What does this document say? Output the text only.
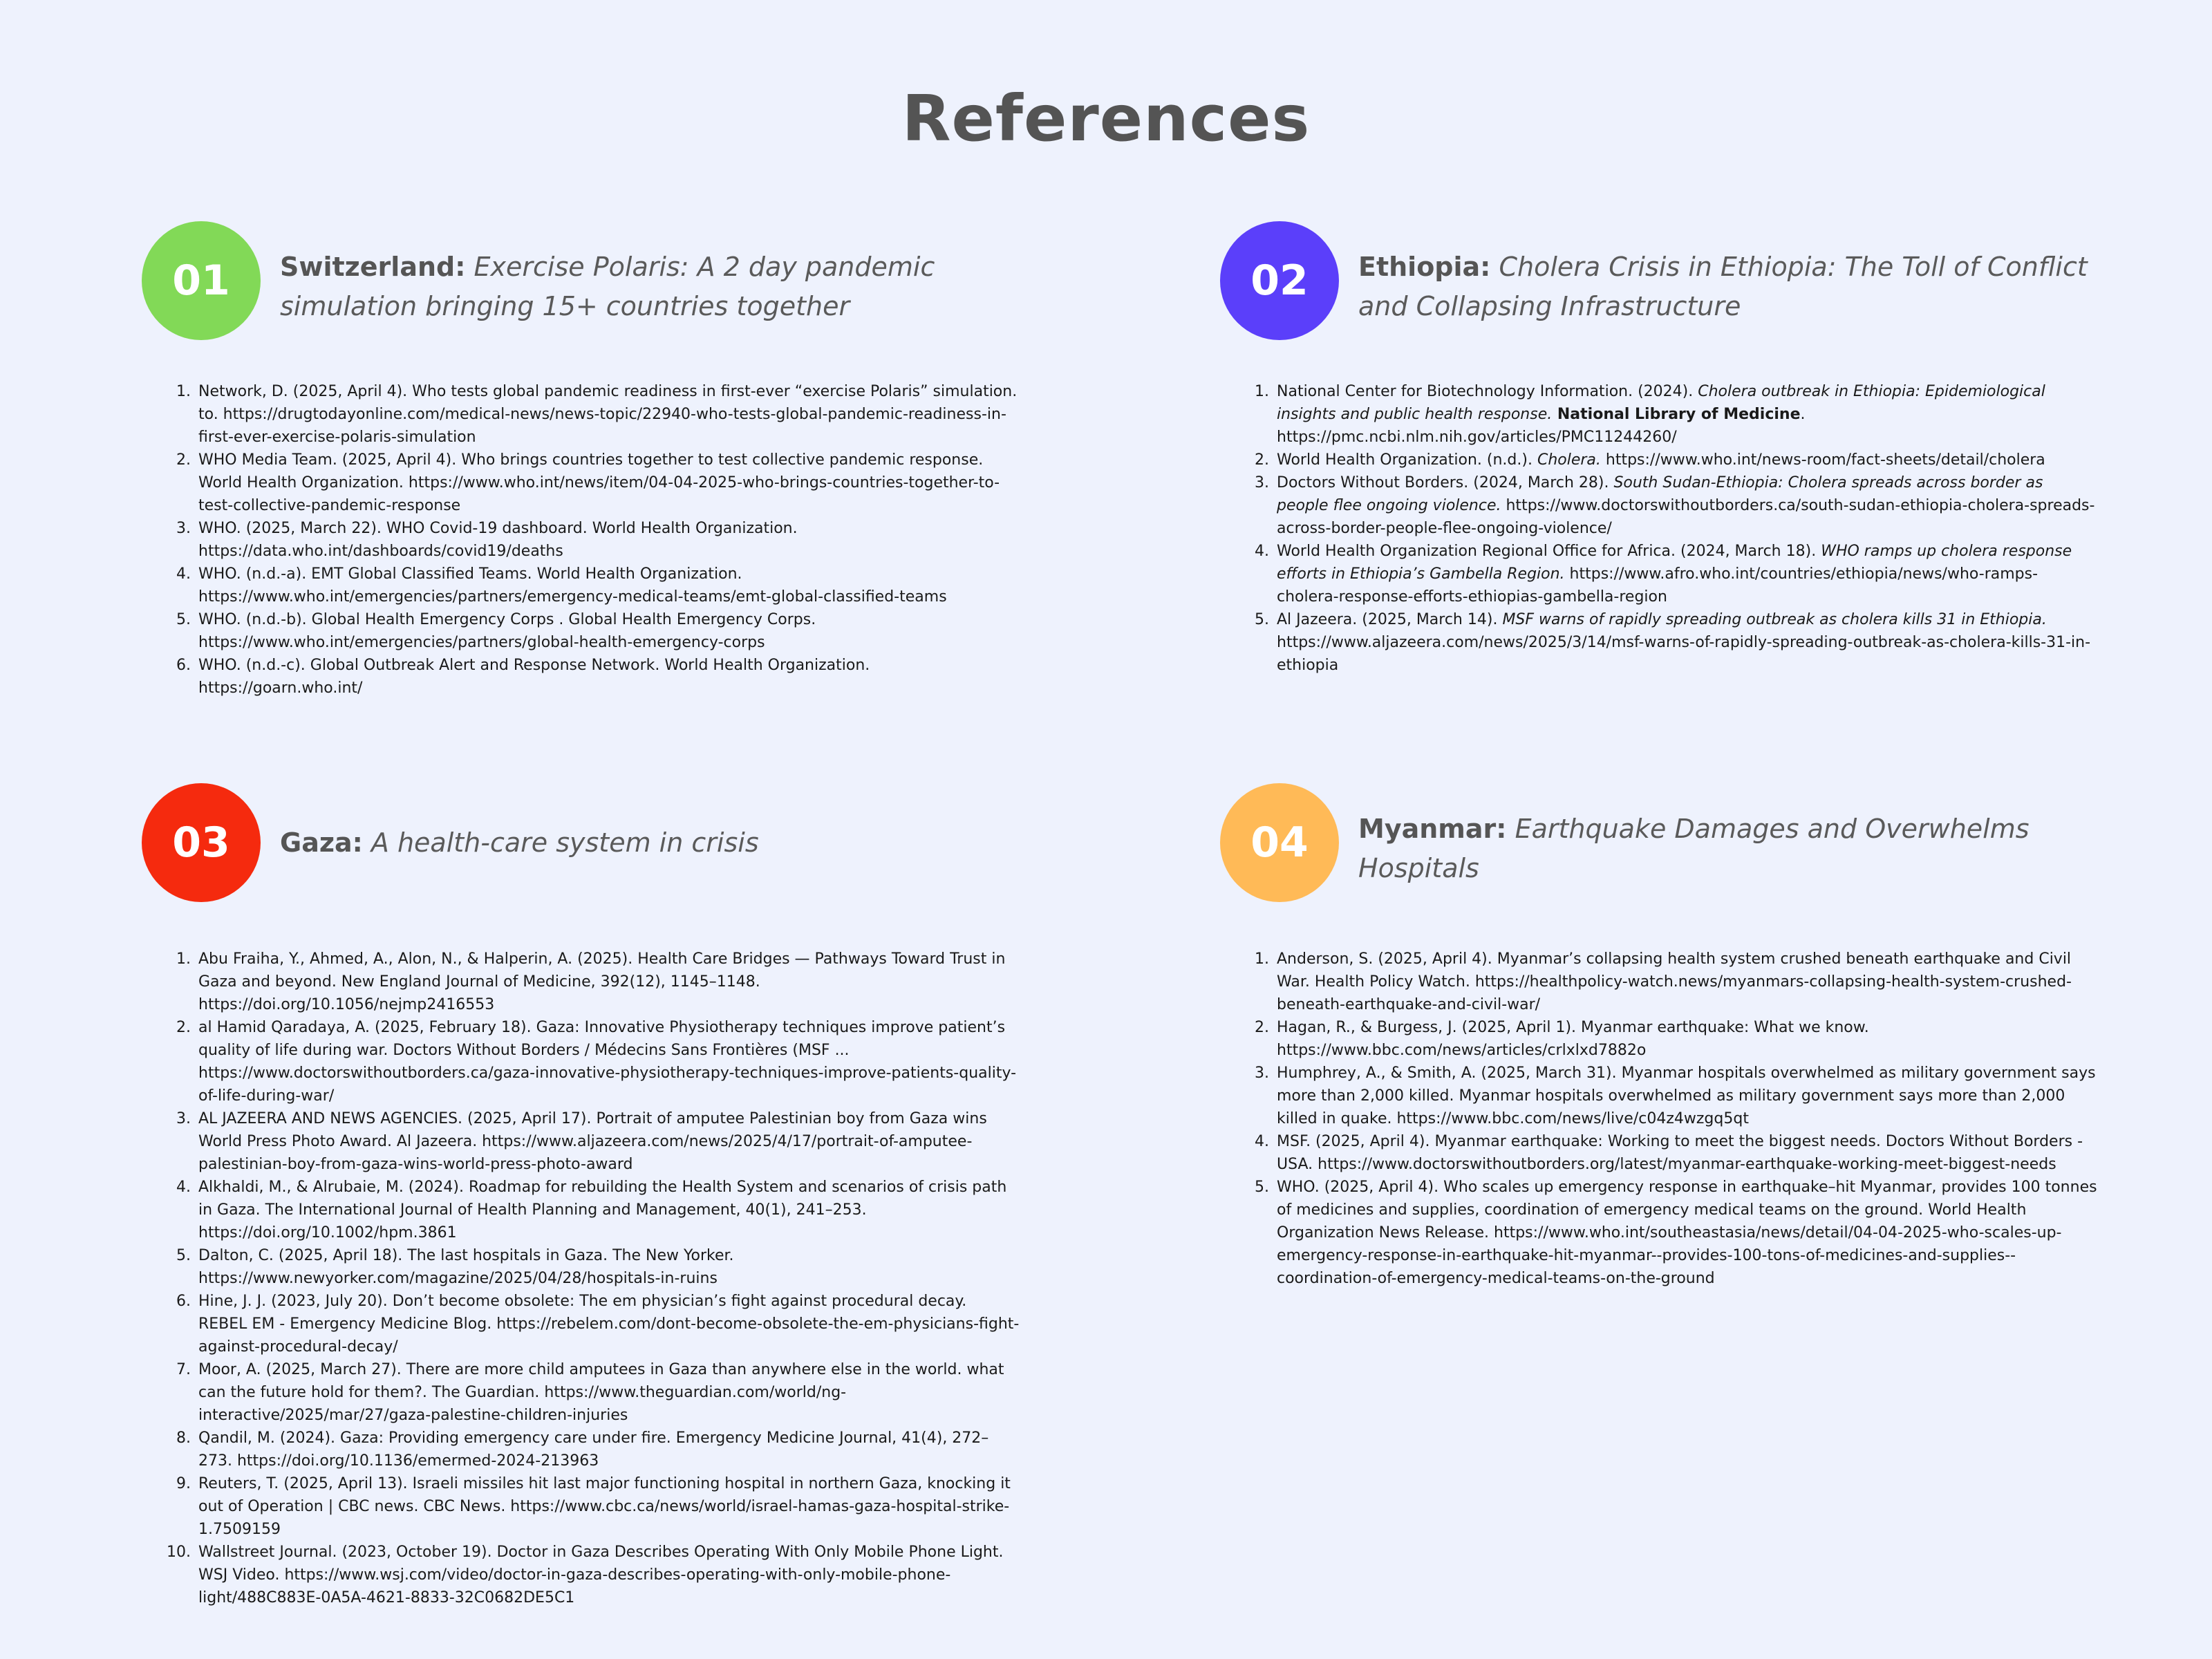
References
01	Switzerland: Exercise Polaris: A 2 day pandemic simulation bringing 15+ countries together
1. Network, D. (2025, April 4). Who tests global pandemic readiness in first-ever “exercise Polaris” simulation. to. https://drugtodayonline.com/medical-news/news-topic/22940-who-tests-global-pandemic-readiness-in-first-ever-exercise-polaris-simulation
2. WHO Media Team. (2025, April 4). Who brings countries together to test collective pandemic response. World Health Organization. https://www.who.int/news/item/04-04-2025-who-brings-countries-together-to-test-collective-pandemic-response
3. WHO. (2025, March 22). WHO Covid-19 dashboard. World Health Organization. https://data.who.int/dashboards/covid19/deaths
4. WHO. (n.d.-a). EMT Global Classified Teams. World Health Organization. https://www.who.int/emergencies/partners/emergency-medical-teams/emt-global-classified-teams
5. WHO. (n.d.-b). Global Health Emergency Corps . Global Health Emergency Corps. https://www.who.int/emergencies/partners/global-health-emergency-corps
6. WHO. (n.d.-c). Global Outbreak Alert and Response Network. World Health Organization. https://goarn.who.int/
02	Ethiopia: Cholera Crisis in Ethiopia: The Toll of Conflict and Collapsing Infrastructure
1. National Center for Biotechnology Information. (2024). Cholera outbreak in Ethiopia: Epidemiological insights and public health response. National Library of Medicine. https://pmc.ncbi.nlm.nih.gov/articles/PMC11244260/
2. World Health Organization. (n.d.). Cholera. https://www.who.int/news-room/fact-sheets/detail/cholera
3. Doctors Without Borders. (2024, March 28). South Sudan-Ethiopia: Cholera spreads across border as people flee ongoing violence. https://www.doctorswithoutborders.ca/south-sudan-ethiopia-cholera-spreads-across-border-people-flee-ongoing-violence/
4. World Health Organization Regional Office for Africa. (2024, March 18). WHO ramps up cholera response efforts in Ethiopia’s Gambella Region. https://www.afro.who.int/countries/ethiopia/news/who-ramps-cholera-response-efforts-ethiopias-gambella-region
5. Al Jazeera. (2025, March 14). MSF warns of rapidly spreading outbreak as cholera kills 31 in Ethiopia. https://www.aljazeera.com/news/2025/3/14/msf-warns-of-rapidly-spreading-outbreak-as-cholera-kills-31-in-ethiopia
03	Gaza: A health-care system in crisis
1. Abu Fraiha, Y., Ahmed, A., Alon, N., & Halperin, A. (2025). Health Care Bridges — Pathways Toward Trust in Gaza and beyond. New England Journal of Medicine, 392(12), 1145–1148. https://doi.org/10.1056/nejmp2416553
2. al Hamid Qaradaya, A. (2025, February 18). Gaza: Innovative Physiotherapy techniques improve patient’s quality of life during war. Doctors Without Borders / Médecins Sans Frontières (MSF ... https://www.doctorswithoutborders.ca/gaza-innovative-physiotherapy-techniques-improve-patients-quality-of-life-during-war/
3. AL JAZEERA AND NEWS AGENCIES. (2025, April 17). Portrait of amputee Palestinian boy from Gaza wins World Press Photo Award. Al Jazeera. https://www.aljazeera.com/news/2025/4/17/portrait-of-amputee-palestinian-boy-from-gaza-wins-world-press-photo-award
4. Alkhaldi, M., & Alrubaie, M. (2024). Roadmap for rebuilding the Health System and scenarios of crisis path in Gaza. The International Journal of Health Planning and Management, 40(1), 241–253. https://doi.org/10.1002/hpm.3861
5. Dalton, C. (2025, April 18). The last hospitals in Gaza. The New Yorker. https://www.newyorker.com/magazine/2025/04/28/hospitals-in-ruins
6. Hine, J. J. (2023, July 20). Don’t become obsolete: The em physician’s fight against procedural decay. REBEL EM - Emergency Medicine Blog. https://rebelem.com/dont-become-obsolete-the-em-physicians-fight-against-procedural-decay/
7. Moor, A. (2025, March 27). There are more child amputees in Gaza than anywhere else in the world. what can the future hold for them?. The Guardian. https://www.theguardian.com/world/ng-interactive/2025/mar/27/gaza-palestine-children-injuries
8. Qandil, M. (2024). Gaza: Providing emergency care under fire. Emergency Medicine Journal, 41(4), 272–273. https://doi.org/10.1136/emermed-2024-213963
9. Reuters, T. (2025, April 13). Israeli missiles hit last major functioning hospital in northern Gaza, knocking it out of Operation | CBC news. CBC News. https://www.cbc.ca/news/world/israel-hamas-gaza-hospital-strike-1.7509159
10. Wallstreet Journal. (2023, October 19). Doctor in Gaza Describes Operating With Only Mobile Phone Light. WSJ Video. https://www.wsj.com/video/doctor-in-gaza-describes-operating-with-only-mobile-phone-light/488C883E-0A5A-4621-8833-32C0682DE5C1
04	Myanmar: Earthquake Damages and Overwhelms Hospitals
1. Anderson, S. (2025, April 4). Myanmar’s collapsing health system crushed beneath earthquake and Civil War. Health Policy Watch. https://healthpolicy-watch.news/myanmars-collapsing-health-system-crushed-beneath-earthquake-and-civil-war/
2. Hagan, R., & Burgess, J. (2025, April 1). Myanmar earthquake: What we know. https://www.bbc.com/news/articles/crlxlxd7882o
3. Humphrey, A., & Smith, A. (2025, March 31). Myanmar hospitals overwhelmed as military government says more than 2,000 killed. Myanmar hospitals overwhelmed as military government says more than 2,000 killed in quake. https://www.bbc.com/news/live/c04z4wzgq5qt
4. MSF. (2025, April 4). Myanmar earthquake: Working to meet the biggest needs. Doctors Without Borders - USA. https://www.doctorswithoutborders.org/latest/myanmar-earthquake-working-meet-biggest-needs
5. WHO. (2025, April 4). Who scales up emergency response in earthquake–hit Myanmar, provides 100 tonnes of medicines and supplies, coordination of emergency medical teams on the ground. World Health Organization News Release. https://www.who.int/southeastasia/news/detail/04-04-2025-who-scales-up-emergency-response-in-earthquake-hit-myanmar--provides-100-tons-of-medicines-and-supplies--coordination-of-emergency-medical-teams-on-the-ground
